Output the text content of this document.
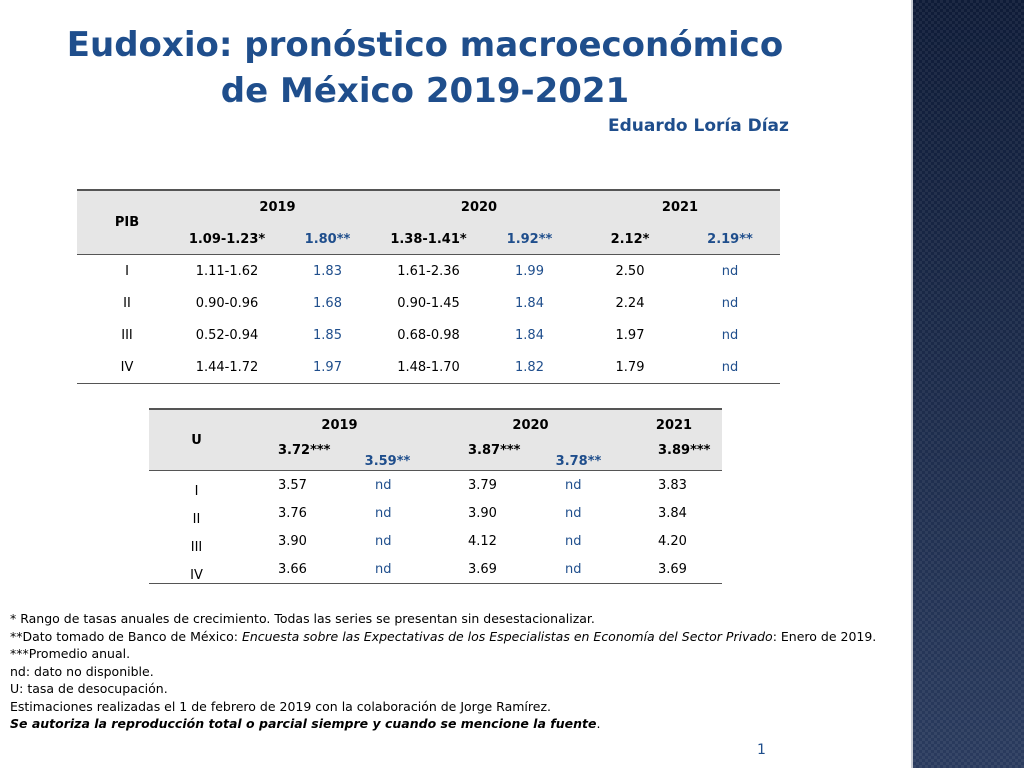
Eudoxio: pronóstico macroeconómico
de México 2019-2021
Eduardo Loría Díaz
PIB	2019		2020		2021	
	1.09-1.23*	1.80**	1.38-1.41*	1.92**	2.12*	2.19**
I	1.11-1.62	1.83	1.61-2.36	1.99	2.50	nd
II	0.90-0.96	1.68	0.90-1.45	1.84	2.24	nd
III	0.52-0.94	1.85	0.68-0.98	1.84	1.97	nd
IV	1.44-1.72	1.97	1.48-1.70	1.82	1.79	nd
U	2019		2020		2021
	3.72***	3.59**	3.87***	3.78**	3.89***
I	3.57	nd	3.79	nd	3.83
II	3.76	nd	3.90	nd	3.84
III	3.90	nd	4.12	nd	4.20
IV	3.66	nd	3.69	nd	3.69
* Rango de tasas anuales de crecimiento. Todas las series se presentan sin desestacionalizar.
**Dato tomado de Banco de México: Encuesta sobre las Expectativas de los Especialistas en Economía del Sector Privado: Enero de 2019.
***Promedio anual.
nd: dato no disponible.
U: tasa de desocupación.
Estimaciones realizadas el 1 de febrero de 2019 con la colaboración de Jorge Ramírez.
Se autoriza la reproducción total o parcial siempre y cuando se mencione la fuente.
1
